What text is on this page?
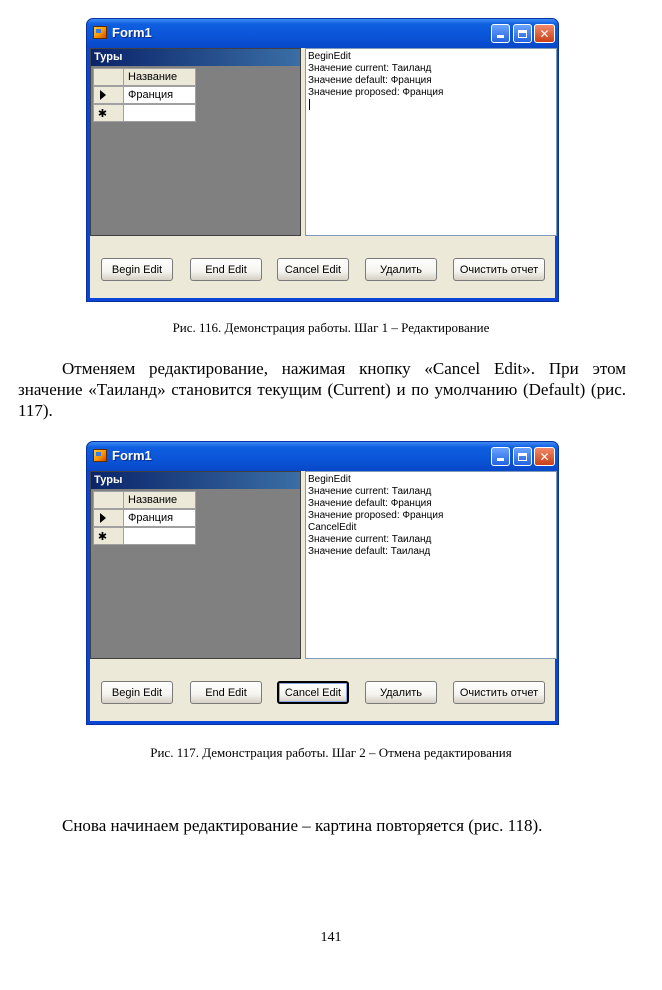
Form1	✕
Туры
Название
Франция
✱
BeginEdit
Значение current: Таиланд
Значение default: Франция
Значение proposed: Франция
Begin Edit	End Edit	Cancel Edit	Удалить	Очистить отчет
Рис. 116. Демонстрация работы. Шаг 1 – Редактирование
Отменяем редактирование, нажимая кнопку «Cancel Edit». При этом значение «Таиланд» становится текущим (Current) и по умолчанию (Default) (рис. 117).
Form1	✕
Туры
Название
Франция
✱
BeginEdit
Значение current: Таиланд
Значение default: Франция
Значение proposed: Франция
CancelEdit
Значение current: Таиланд
Значение default: Таиланд
Begin Edit	End Edit	Cancel Edit	Удалить	Очистить отчет
Рис. 117. Демонстрация работы. Шаг 2 – Отмена редактирования
Снова начинаем редактирование – картина повторяется (рис. 118).
141
